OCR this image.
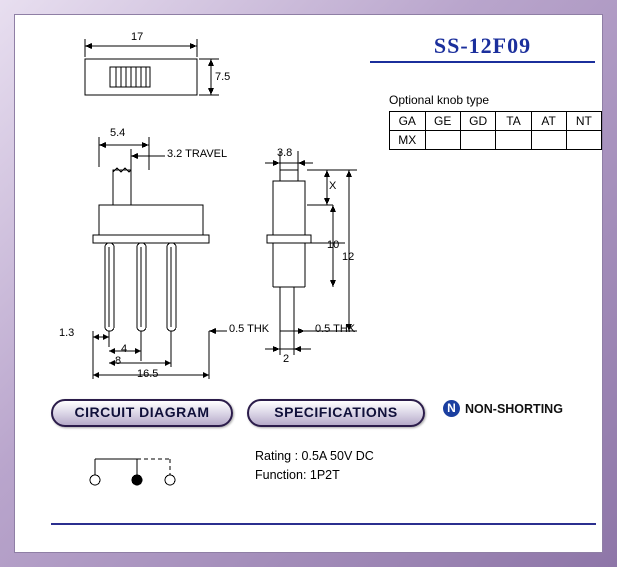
SS-12F09
Optional knob type
GA	GE	GD	TA	AT	NT
MX					
17
7.5
5.4
3.2 TRAVEL	3.8
X
10
12
1.3
4
8
16.5
0.5 THK	0.5 THK
2
CIRCUIT DIAGRAM	SPECIFICATIONS	N NON-SHORTING
Rating : 0.5A 50V DC
Function: 1P2T
